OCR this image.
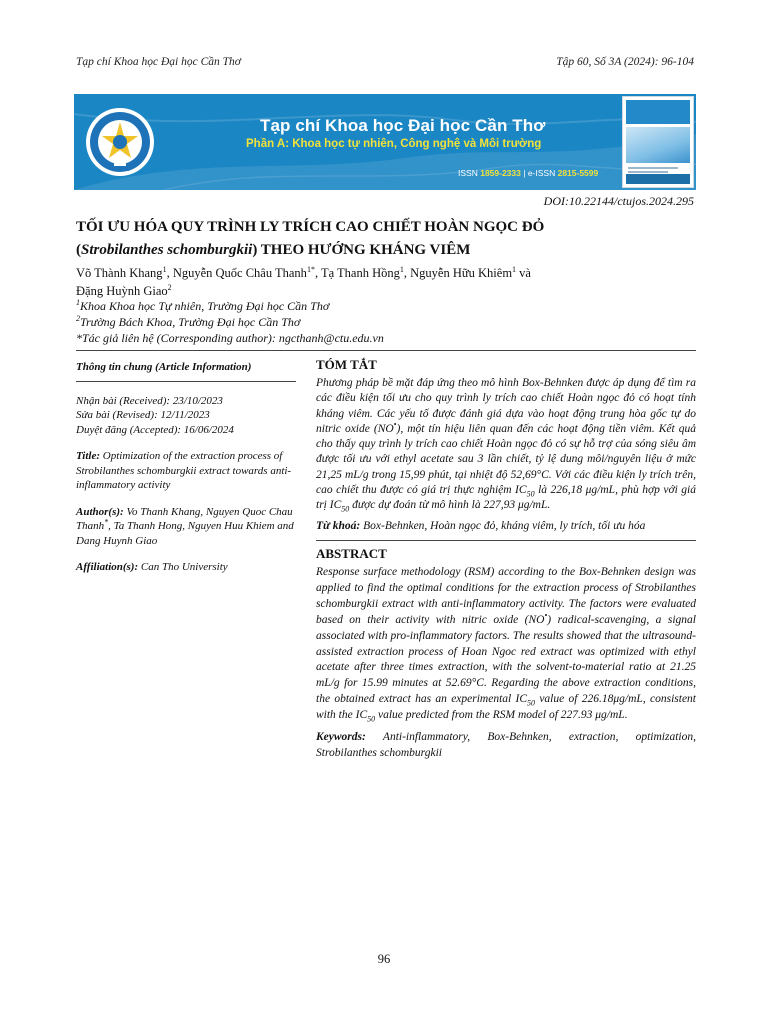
Tạp chí Khoa học Đại học Cần Thơ	Tập 60, Số 3A (2024): 96-104
Tạp chí Khoa học Đại học Cần Thơ
Phần A: Khoa học tự nhiên, Công nghệ và Môi trường
ISSN 1859-2333 | e-ISSN 2815-5599
DOI:10.22144/ctujos.2024.295
TỐI ƯU HÓA QUY TRÌNH LY TRÍCH CAO CHIẾT HOÀN NGỌC ĐỎ
(Strobilanthes schomburgkii) THEO HƯỚNG KHÁNG VIÊM
Võ Thành Khang$^1$, Nguyễn Quốc Châu Thanh$^{1*}$, Tạ Thanh Hồng$^1$, Nguyễn Hữu Khiêm$^1$ và
Đặng Huỳnh Giao$^2$
$^1$Khoa Khoa học Tự nhiên, Trường Đại học Cần Thơ
$^2$Trường Bách Khoa, Trường Đại học Cần Thơ
*Tác giả liên hệ (Corresponding author): ngcthanh@ctu.edu.vn
Thông tin chung (Article Information)
Nhận bài (Received): 23/10/2023
Sửa bài (Revised): 12/11/2023
Duyệt đăng (Accepted): 16/06/2024
Title: Optimization of the extraction process of Strobilanthes schomburgkii extract towards anti-inflammatory activity
Author(s): Vo Thanh Khang, Nguyen Quoc Chau Thanh*, Ta Thanh Hong, Nguyen Huu Khiem and Dang Huynh Giao
Affiliation(s): Can Tho University
TÓM TẮT
Phương pháp bề mặt đáp ứng theo mô hình Box-Behnken được áp dụng để tìm ra các điều kiện tối ưu cho quy trình ly trích cao chiết Hoàn ngọc đỏ có hoạt tính kháng viêm. Các yếu tố được đánh giá dựa vào hoạt động trung hòa gốc tự do nitric oxide (NO•), một tín hiệu liên quan đến các hoạt động tiền viêm. Kết quả cho thấy quy trình ly trích cao chiết Hoàn ngọc đỏ có sự hỗ trợ của sóng siêu âm được tối ưu với ethyl acetate sau 3 lần chiết, tỷ lệ dung môi/nguyên liệu ở mức 21,25 mL/g trong 15,99 phút, tại nhiệt độ 52,69°C. Với các điều kiện ly trích trên, cao chiết thu được có giá trị thực nghiệm $IC_{50}$ là 226,18 μg/mL, phù hợp với giá trị $IC_{50}$ được dự đoán từ mô hình là 227,93 μg/mL.
Từ khoá: Box-Behnken, Hoàn ngọc đỏ, kháng viêm, ly trích, tối ưu hóa
ABSTRACT
Response surface methodology (RSM) according to the Box-Behnken design was applied to find the optimal conditions for the extraction process of Strobilanthes schomburgkii extract with anti-inflammatory activity. The factors were evaluated based on their activity with nitric oxide (NO•) radical-scavenging, a signal associated with pro-inflammatory factors. The results showed that the ultrasound-assisted extraction process of Hoan Ngoc red extract was optimized with ethyl acetate after three times extraction, with the solvent-to-material ratio at 21.25 mL/g for 15.99 minutes at 52.69°C. Regarding the above extraction conditions, the obtained extract has an experimental $IC_{50}$ value of 226.18μg/mL, consistent with the $IC_{50}$ value predicted from the RSM model of 227.93 μg/mL.
Keywords: Anti-inflammatory, Box-Behnken, extraction, optimization, Strobilanthes schomburgkii
96
